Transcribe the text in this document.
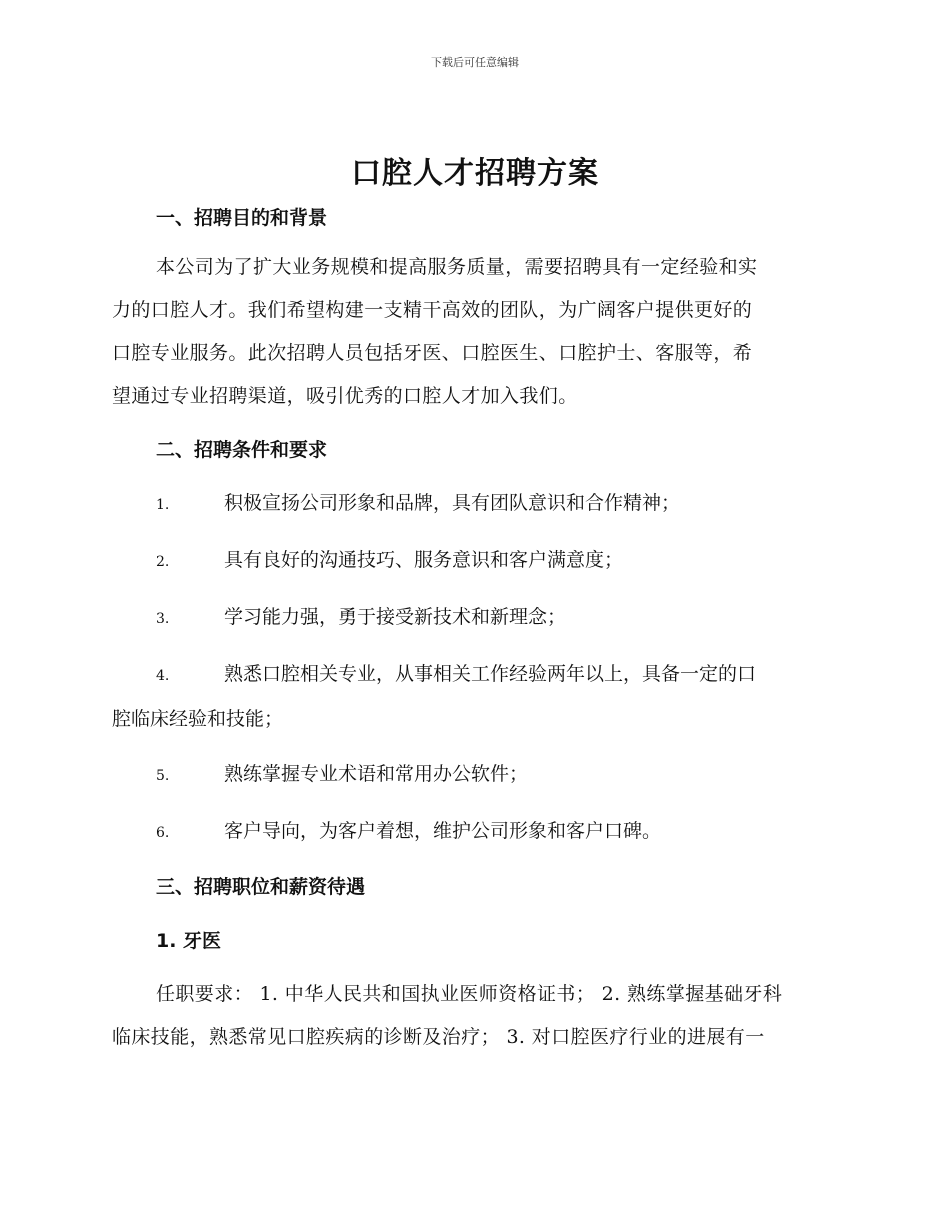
下载后可任意编辑
口腔人才招聘方案
一、招聘目的和背景

本公司为了扩大业务规模和提高服务质量，需要招聘具有一定经验和实

力的口腔人才。我们希望构建一支精干高效的团队，为广阔客户提供更好的

口腔专业服务。此次招聘人员包括牙医、口腔医生、口腔护士、客服等，希

望通过专业招聘渠道，吸引优秀的口腔人才加入我们。

二、招聘条件和要求

1.	积极宣扬公司形象和品牌，具有团队意识和合作精神；

2.	具有良好的沟通技巧、服务意识和客户满意度；

3.	学习能力强，勇于接受新技术和新理念；

4.	熟悉口腔相关专业，从事相关工作经验两年以上，具备一定的口

腔临床经验和技能；

5.	熟练掌握专业术语和常用办公软件；

6.	客户导向，为客户着想，维护公司形象和客户口碑。

三、招聘职位和薪资待遇
1. 牙医

任职要求： 1. 中华人民共和国执业医师资格证书； 2. 熟练掌握基础牙科

临床技能，熟悉常见口腔疾病的诊断及治疗； 3. 对口腔医疗行业的进展有一
